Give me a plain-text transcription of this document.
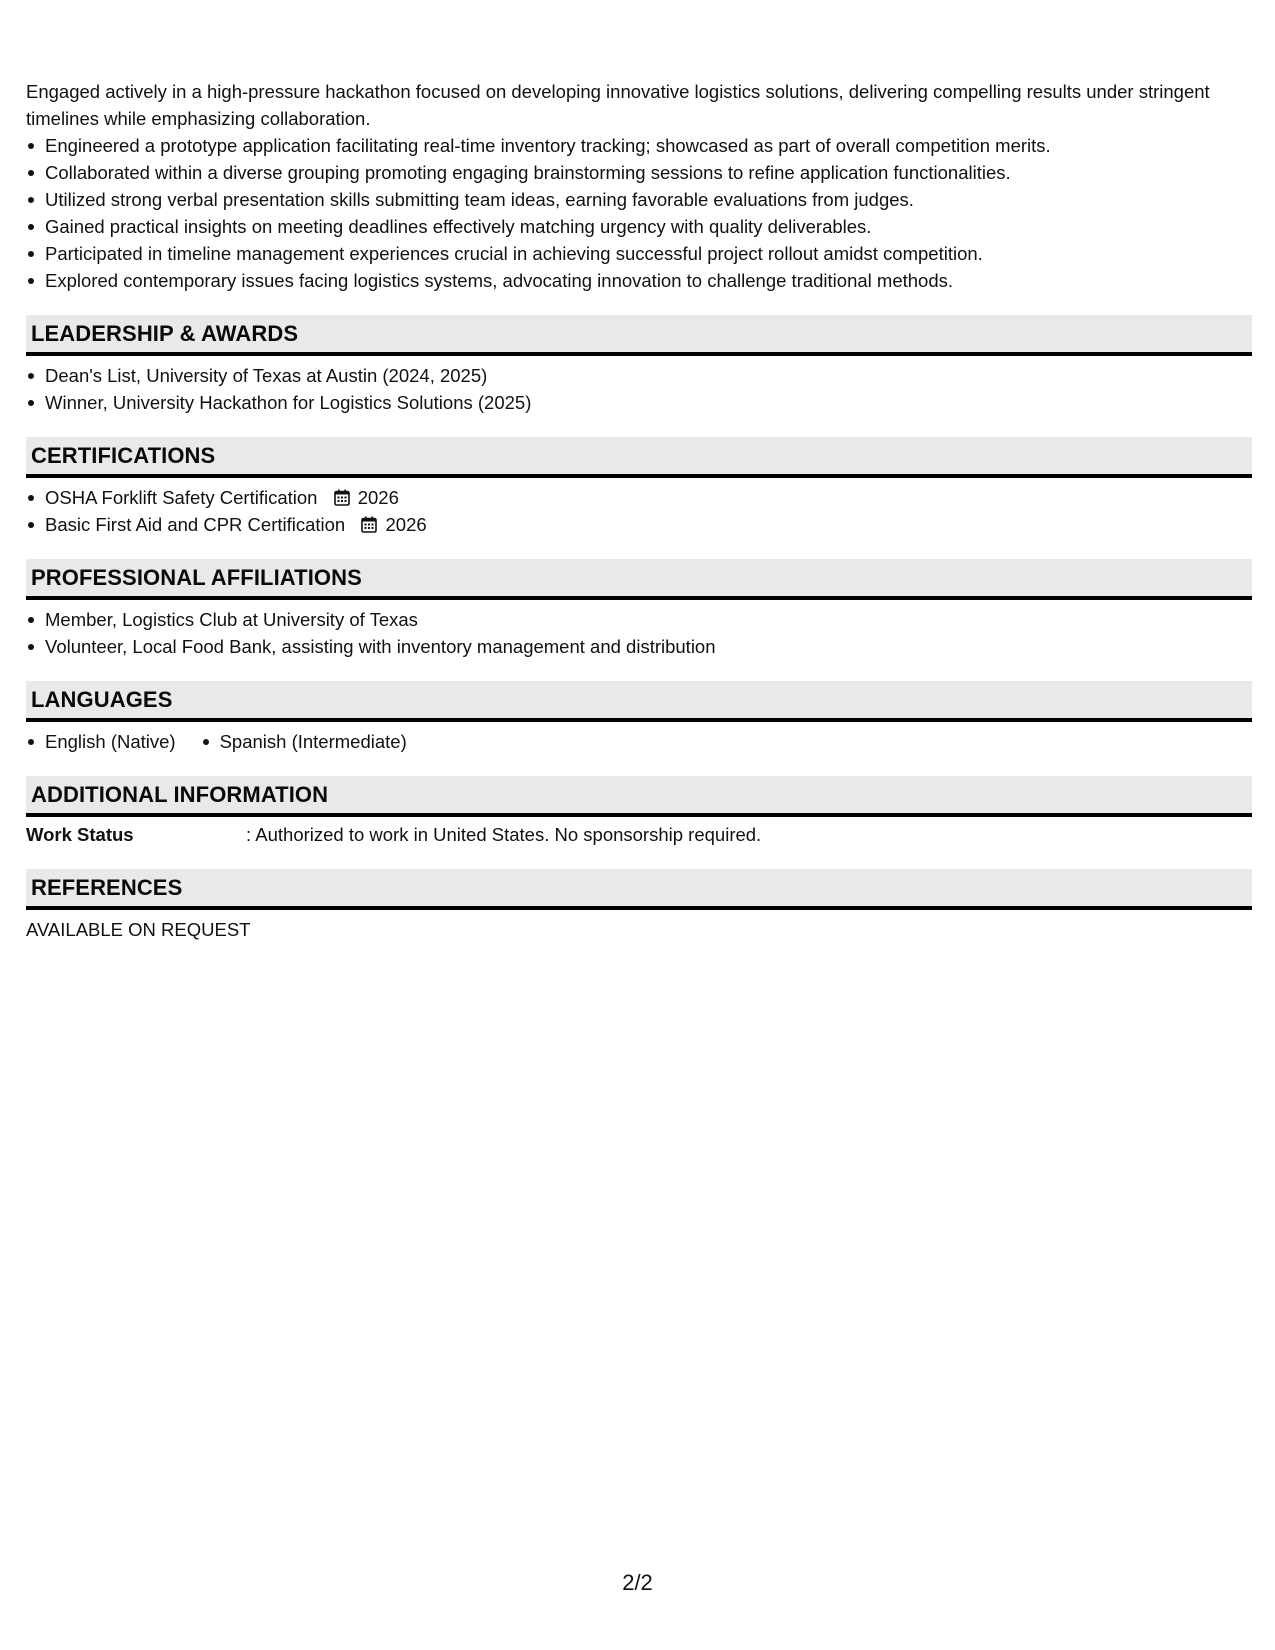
Engaged actively in a high-pressure hackathon focused on developing innovative logistics solutions, delivering compelling results under stringent timelines while emphasizing collaboration.

Engineered a prototype application facilitating real-time inventory tracking; showcased as part of overall competition merits.
Collaborated within a diverse grouping promoting engaging brainstorming sessions to refine application functionalities.
Utilized strong verbal presentation skills submitting team ideas, earning favorable evaluations from judges.
Gained practical insights on meeting deadlines effectively matching urgency with quality deliverables.
Participated in timeline management experiences crucial in achieving successful project rollout amidst competition.
Explored contemporary issues facing logistics systems, advocating innovation to challenge traditional methods.
LEADERSHIP & AWARDS
Dean's List, University of Texas at Austin (2024, 2025)
Winner, University Hackathon for Logistics Solutions (2025)
CERTIFICATIONS
OSHA Forklift Safety Certification 2026
Basic First Aid and CPR Certification 2026
PROFESSIONAL AFFILIATIONS
Member, Logistics Club at University of Texas
Volunteer, Local Food Bank, assisting with inventory management and distribution
LANGUAGES
English (Native)	Spanish (Intermediate)
ADDITIONAL INFORMATION
Work Status	: Authorized to work in United States. No sponsorship required.
REFERENCES
AVAILABLE ON REQUEST
2/2
